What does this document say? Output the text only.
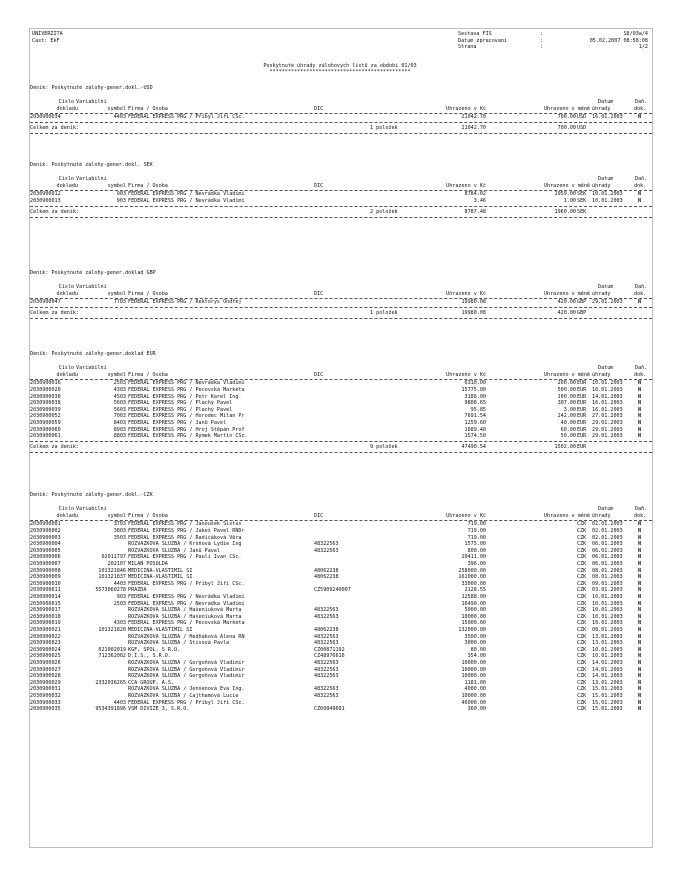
UNIVERZITA

	Sestava FIS

	:

	S8/03a/4

Cast: EkF

	Datum zpracovani

	:

	05.02.2007 08:58:08

Strana

	:

	1/2

Poskytnuté úhrady zálohových listů za období 01/03

**********************************************

Deník: Poskytnuté zálohy-gener.dokl.-USD
Číslo Variabilní	Datum	Daň.
dokladu	symbol Firma / Osoba	DIČ	Uhrazeno v Kč	Uhrazeno v měně úhrady	dok.
2030900034	4403 FEDERAL EXPRESS PRG / Příbyl Jiří CSc.	21042.70	700.00 USD	16.01.2003	N
Celkem za deník:	1 položek	21042.70	700.00 USD
Deník: Poskytnuté zálohy-gener.dokl. SEK
Číslo Variabilní	Datum	Daň.
dokladu	symbol Firma / Osoba	DIČ	Uhrazeno v Kč	Uhrazeno v měně úhrady	dok.
2030900012	903 FEDERAL EXPRESS PRG / Nevrádka Vladimí	8784.02	1959.00 SEK	10.01.2003	N
2030900013	903 FEDERAL EXPRESS PRG / Nevrádka Vladimí	3.46	1.00 SEK	10.01.2003	N
Celkem za deník:	2 položek	8787.48	1960.00 SEK
Deník: Poskytnuté zálohy-gener.doklad GBP
Číslo Variabilní	Datum	Daň.
dokladu	symbol Firma / Osoba	DIČ	Uhrazeno v Kč	Uhrazeno v měně úhrady	dok.
2030900047	7703 FEDERAL EXPRESS PRG / Rektorys Ondřej	19980.08	420.00 GBP	29.01.2003	N
Celkem za deník:	1 položek	19980.08	420.00 GBP
Deník: Poskytnuté zálohy-gener.doklad EUR
Číslo Variabilní	Datum	Daň.
dokladu	symbol Firma / Osoba	DIČ	Uhrazeno v Kč	Uhrazeno v měně úhrady	dok.
2030900016	2503 FEDERAL EXPRESS PRG / Nevrádka Vladimí	6310.00	200.00 EUR	10.01.2003	N
2030900020	4303 FEDERAL EXPRESS PRG / Pecovská Markéta	15775.00	500.00 EUR	10.01.2003	N
2030900030	4503 FEDERAL EXPRESS PRG / Petr Karel Ing.	3186.00	100.00 EUR	14.01.2003	N
2030900038	5603 FEDERAL EXPRESS PRG / Plachý Pavel	9808.65	307.00 EUR	16.01.2003	N
2030900039	5603 FEDERAL EXPRESS PRG / Plachý Pavel	95.85	3.00 EUR	16.01.2003	N
2030900052	7003 FEDERAL EXPRESS PRG / Horodec Milan Pr	7691.54	242.00 EUR	27.01.2003	N
2030900059	8403 FEDERAL EXPRESS PRG / Janů Pavel	1259.60	40.00 EUR	29.01.2003	N
2030900060	8903 FEDERAL EXPRESS PRG / Hroj Štěpán Prof	1889.40	60.00 EUR	29.01.2003	N
2030900061	8803 FEDERAL EXPRESS PRG / Rýmek Martin CSc.	1574.50	50.00 EUR	29.01.2003	N
Celkem za deník:	9 položek	47490.54	1502.00 EUR
Deník: Poskytnuté zálohy-gener.dokl.-CZK
Číslo Variabilní	Datum	Daň.
dokladu	symbol Firma / Osoba	DIČ	Uhrazeno v Kč	Uhrazeno v měně úhrady	dok.
2030900001	3703 FEDERAL EXPRESS PRG / Janoušek Sixtus	719.00	CZK	02.01.2003	N
2030900002	3803 FEDERAL EXPRESS PRG / Jakeš Pavel RNDr	719.00	CZK	02.01.2003	N
2030900003	3503 FEDERAL EXPRESS PRG / Radičáková Věra	719.00	CZK	02.01.2003	N
2030900004	ROZVAZKOVÁ SLUŽBA / Kršňová Lydie Ing	48322563	1575.00	CZK	06.01.2003	N
2030900005	ROZVAZKOVÁ SLUŽBA / Janů Pavel	48322563	800.00	CZK	06.01.2003	N
2030900006	02011797 FEDERAL EXPRESS PRG / Pauli Ivan CSc.	20411.00	CZK	06.01.2003	N
2030900007	202107 MILAN POSOLDA	396.00	CZK	06.01.2003	N
2030900008	101321846 MEDICINA-VLASTIMIL SI	48062238	258000.00	CZK	08.01.2003	N
2030900009	101321837 MEDICINA-VLASTIMIL SI	48062238	161000.00	CZK	08.01.2003	N
2030900010	4403 FEDERAL EXPRESS PRG / Příbyl Jiří CSc.	33000.00	CZK	09.01.2003	N
2030900011	5573060278 PRAZDA	CZ5909240007	2128.55	CZK	03.01.2003	N
2030900014	903 FEDERAL EXPRESS PRG / Nevrádka Vladimí	12588.00	CZK	10.01.2003	N
2030900015	2503 FEDERAL EXPRESS PRG / Nevrádka Vladimí	16490.00	CZK	10.01.2003	N
2030900017	ROZVAZKOVÁ SLUŽBA / Hašeníuková Marta	48322563	5000.00	CZK	10.01.2003	N
2030900018	ROZVAZKOVÁ SLUŽBA / Hašeníuková Marta	48322563	10000.00	CZK	10.01.2003	N
2030900019	4303 FEDERAL EXPRESS PRG / Pecovská Markéta	15000.00	CZK	10.01.2003	N
2030900021	101321820 MEDICINA-VLASTIMIL SI	48062238	132000.00	CZK	08.01.2003	N
2030900022	ROZVAZKOVÁ SLUŽBA / Hedňáková Alena RN	48322563	3500.00	CZK	13.01.2003	N
2030900023	ROZVAZKOVÁ SLUŽBA / Štísová Pavla	48322563	3000.00	CZK	13.01.2003	N
2030900024	021002019 KGF, SPOL. S R.O.	CZ00871192	80.00	CZK	10.01.2003	N
2030900025	712362002 D.I.S., S.R.O.	CZ48976616	354.00	CZK	10.01.2003	N
2030900026	ROZVAZKOVÁ SLUŽBA / Gorgoňová Vladimír	48322563	10000.00	CZK	14.01.2003	N
2030900027	ROZVAZKOVÁ SLUŽBA / Gorgoňová Vladimír	48322563	10000.00	CZK	14.01.2003	N
2030900028	ROZVAZKOVÁ SLUŽBA / Gorgoňová Vladimír	48322563	10000.00	CZK	14.01.2003	N
2030900029	2332036265 CCA GROUP, A.S.	1181.00	CZK	13.01.2003	N
2030900031	ROZVAZKOVÁ SLUŽBA / Jenšenová Eva Ing.	48322563	4000.00	CZK	15.01.2003	N
2030900032	ROZVAZKOVÁ SLUŽBA / Cajthamová Lucie	48322563	10000.00	CZK	15.01.2003	N
2030900033	4403 FEDERAL EXPRESS PRG / Příbyl Jiří CSc.	46000.00	CZK	15.01.2003	N
2030900035	9534391896 VSM DIVIZE 3, S.R.O.	CZ60849601	360.00	CZK	15.01.2003	N
